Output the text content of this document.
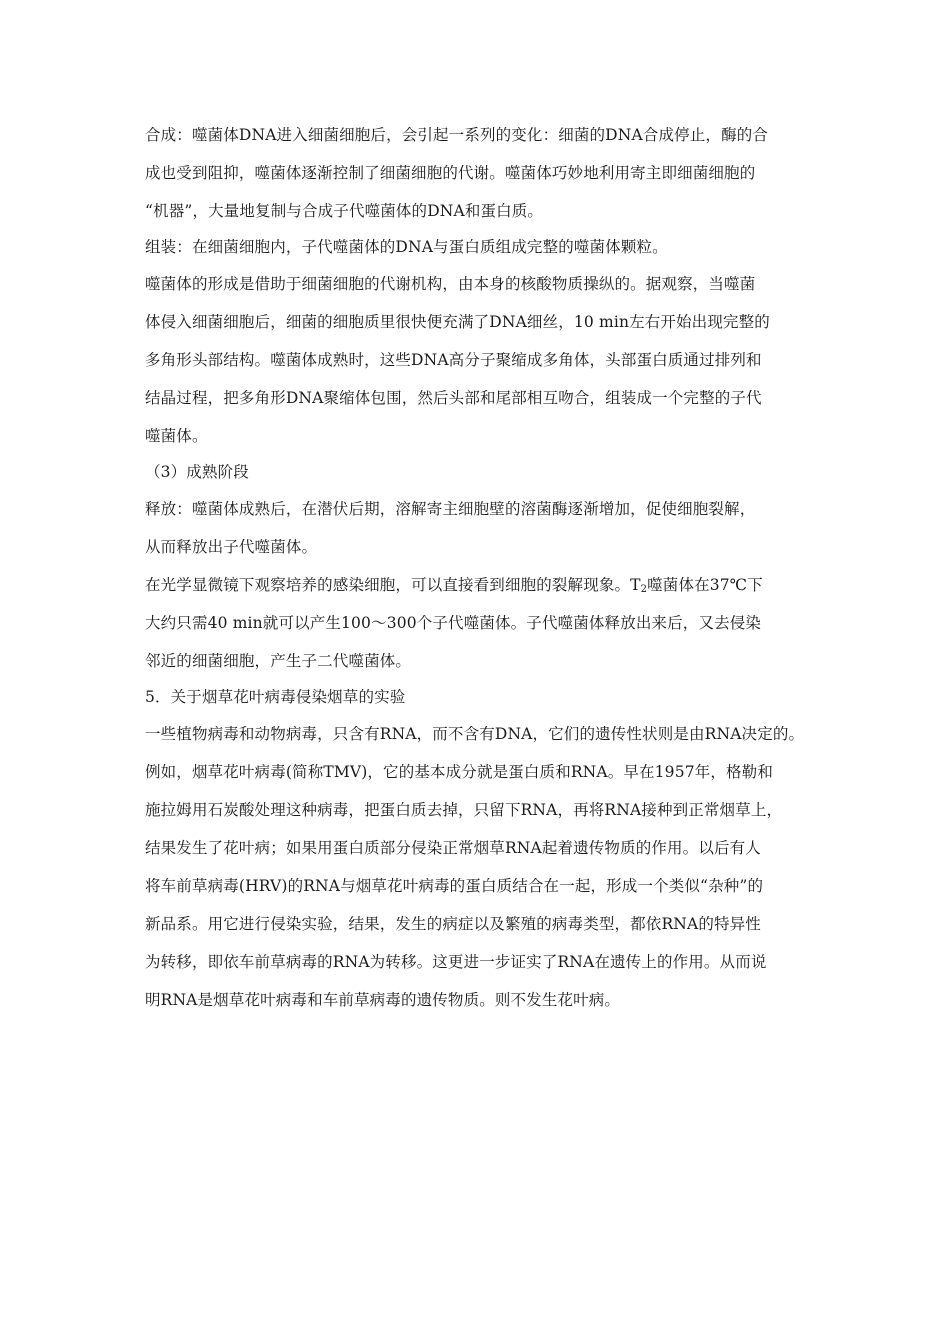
合成：噬菌体DNA进入细菌细胞后，会引起一系列的变化：细菌的DNA合成停止，酶的合
成也受到阻抑，噬菌体逐渐控制了细菌细胞的代谢。噬菌体巧妙地利用寄主即细菌细胞的
“机器”，大量地复制与合成子代噬菌体的DNA和蛋白质。
组装：在细菌细胞内，子代噬菌体的DNA与蛋白质组成完整的噬菌体颗粒。
噬菌体的形成是借助于细菌细胞的代谢机构，由本身的核酸物质操纵的。据观察，当噬菌
体侵入细菌细胞后，细菌的细胞质里很快便充满了DNA细丝，10 min左右开始出现完整的
多角形头部结构。噬菌体成熟时，这些DNA高分子聚缩成多角体，头部蛋白质通过排列和
结晶过程，把多角形DNA聚缩体包围，然后头部和尾部相互吻合，组装成一个完整的子代
噬菌体。
（3）成熟阶段
释放：噬菌体成熟后，在潜伏后期，溶解寄主细胞壁的溶菌酶逐渐增加，促使细胞裂解，
从而释放出子代噬菌体。
在光学显微镜下观察培养的感染细胞，可以直接看到细胞的裂解现象。$T_2$噬菌体在37℃下
大约只需40 min就可以产生100～300个子代噬菌体。子代噬菌体释放出来后，又去侵染
邻近的细菌细胞，产生子二代噬菌体。
5．关于烟草花叶病毒侵染烟草的实验
一些植物病毒和动物病毒，只含有RNA，而不含有DNA，它们的遗传性状则是由RNA决定的。
例如，烟草花叶病毒(简称TMV)，它的基本成分就是蛋白质和RNA。早在1957年，格勒和
施拉姆用石炭酸处理这种病毒，把蛋白质去掉，只留下RNA，再将RNA接种到正常烟草上，
结果发生了花叶病；如果用蛋白质部分侵染正常烟草RNA起着遗传物质的作用。以后有人
将车前草病毒(HRV)的RNA与烟草花叶病毒的蛋白质结合在一起，形成一个类似“杂种”的
新品系。用它进行侵染实验，结果，发生的病症以及繁殖的病毒类型，都依RNA的特异性
为转移，即依车前草病毒的RNA为转移。这更进一步证实了RNA在遗传上的作用。从而说
明RNA是烟草花叶病毒和车前草病毒的遗传物质。则不发生花叶病。
